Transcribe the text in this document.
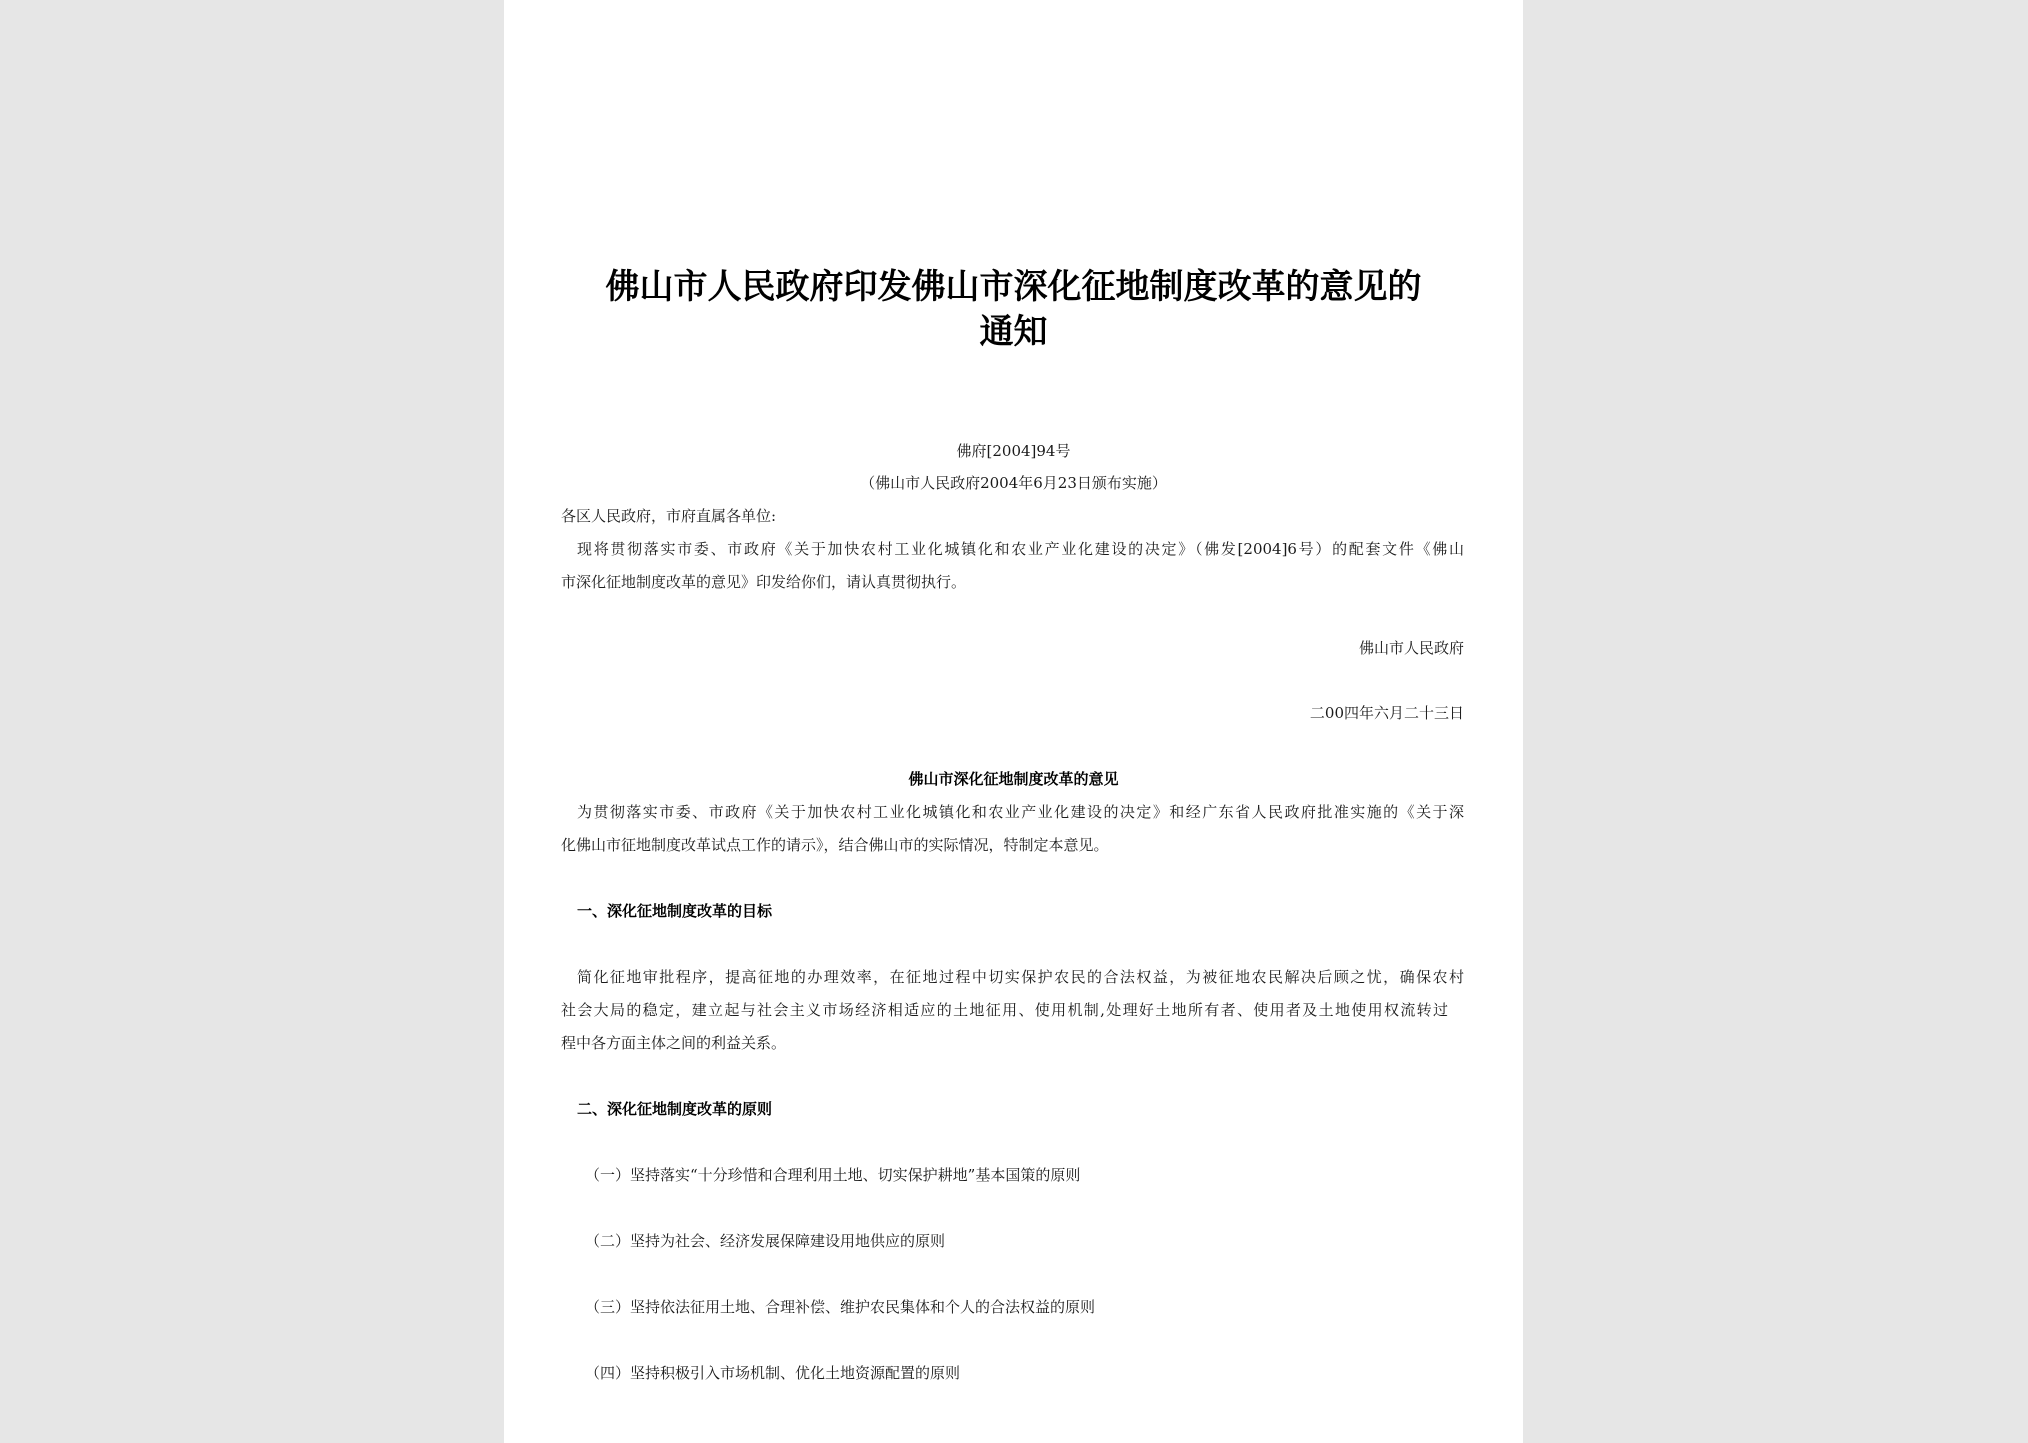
佛山市人民政府印发佛山市深化征地制度改革的意见的
通知
佛府[2004]94号
（佛山市人民政府2004年6月23日颁布实施）
各区人民政府，市府直属各单位:
现将贯彻落实市委、市政府《关于加快农村工业化城镇化和农业产业化建设的决定》（佛发[2004]6号）的配套文件《佛山
市深化征地制度改革的意见》印发给你们，请认真贯彻执行。
佛山市人民政府
二00四年六月二十三日
佛山市深化征地制度改革的意见
为贯彻落实市委、市政府《关于加快农村工业化城镇化和农业产业化建设的决定》和经广东省人民政府批准实施的《关于深
化佛山市征地制度改革试点工作的请示》，结合佛山市的实际情况，特制定本意见。
一、深化征地制度改革的目标
简化征地审批程序，提高征地的办理效率，在征地过程中切实保护农民的合法权益，为被征地农民解决后顾之忧，确保农村
社会大局的稳定，建立起与社会主义市场经济相适应的土地征用、使用机制,处理好土地所有者、使用者及土地使用权流转过
程中各方面主体之间的利益关系。
二、深化征地制度改革的原则
（一）坚持落实“十分珍惜和合理利用土地、切实保护耕地”基本国策的原则
（二）坚持为社会、经济发展保障建设用地供应的原则
（三）坚持依法征用土地、合理补偿、维护农民集体和个人的合法权益的原则
（四）坚持积极引入市场机制、优化土地资源配置的原则
